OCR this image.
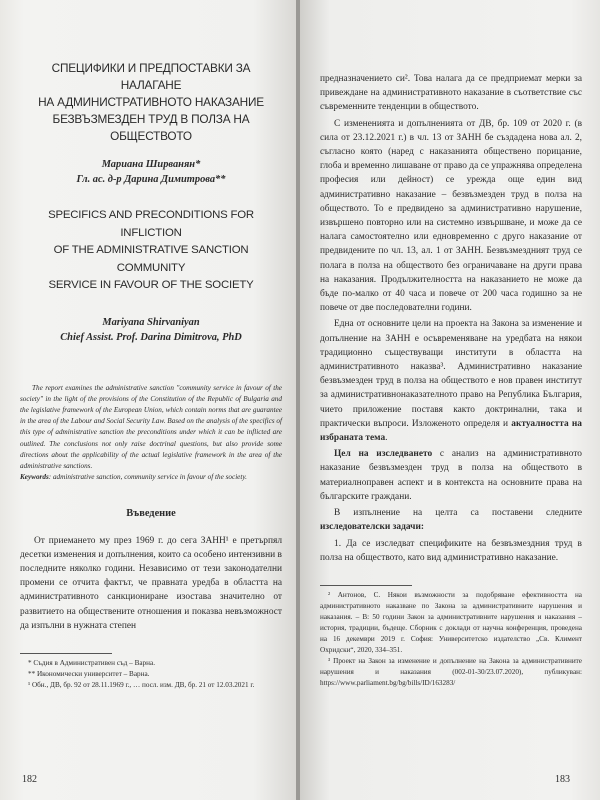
СПЕЦИФИКИ И ПРЕДПОСТАВКИ ЗА НАЛАГАНЕ
НА АДМИНИСТРАТИВНОТО НАКАЗАНИЕ
БЕЗВЪЗМЕЗДЕН ТРУД В ПОЛЗА НА ОБЩЕСТВОТО
Мариана Ширванян*
Гл. ас. д-р Дарина Димитрова**
SPECIFICS AND PRECONDITIONS FOR INFLICTION
OF THE ADMINISTRATIVE SANCTION COMMUNITY
SERVICE IN FAVOUR OF THE SOCIETY
Mariyana Shirvaniyan
Chief Assist. Prof. Darina Dimitrova, PhD

The report examines the administrative sanction "community service in favour of the society" in the light of the provisions of the Constitution of the Republic of Bulgaria and the legislative framework of the European Union, which contain norms that are guarantee in the area of the Labour and Social Security Law. Based on the analysis of the specifics of this type of administrative sanction the preconditions under which it can be inflicted are outlined. The conclusions not only raise doctrinal questions, but also provide some directions about the applicability of the actual legislative framework in the area of the administrative sanctions.

Keywords: administrative sanction, community service in favour of the society.

Въведение

От приемането му през 1969 г. до сега ЗАНН¹ е претърпял десетки изменения и допълнения, които са особено интензивни в последните няколко години. Независимо от тези законодателни промени се отчита фактът, че правната уредба в областта на административното санкциониране изостава значително от развитието на обществените отношения и показва невъзможност да изпълни в нужната степен

* Съдия в Административен съд – Варна.

** Икономически университет – Варна.

¹ Обн., ДВ, бр. 92 от 28.11.1969 г., … посл. изм. ДВ, бр. 21 от 12.03.2021 г.

182

предназначението си². Това налага да се предприемат мерки за привеждане на административното наказание в съответствие със съвременните тенденции в обществото.

С измененията и допълненията от ДВ, бр. 109 от 2020 г. (в сила от 23.12.2021 г.) в чл. 13 от ЗАНН бе създадена нова ал. 2, съгласно която (наред с наказанията обществено порицание, глоба и временно лишаване от право да се упражнява определена професия или дейност) се урежда още един вид административно наказание – безвъзмезден труд в полза на обществото. То е предвидено за административно нарушение, извършено повторно или на системно извършване, и може да се налага самостоятелно или едновременно с друго наказание от предвидените по чл. 13, ал. 1 от ЗАНН. Безвъзмездният труд се полага в полза на обществото без ограничаване на други права на наказания. Продължителността на наказанието не може да бъде по-малко от 40 часа и повече от 200 часа годишно за не повече от две последователни години.

Една от основните цели на проекта на Закона за изменение и допълнение на ЗАНН е осъвременяване на уредбата на някои традиционно съществуващи институти в областта на административното наказва³. Административно наказание безвъзмезден труд в полза на обществото е нов правен институт за административнонаказателното право на Република България, чието приложение поставя както доктринални, така и практически въпроси. Изложеното определя и актуалността на избраната тема.

Цел на изследването с анализ на административното наказание безвъзмезден труд в полза на обществото в материалноправен аспект и в контекста на основните права на българските граждани.

В изпълнение на целта са поставени следните изследователски задачи:

1. Да се изследват спецификите на безвъзмездния труд в полза на обществото, като вид административно наказание.

² Антонов, С. Някои възможности за подобряване ефективността на административното наказване по Закона за административните нарушения и наказания. – В: 50 години Закон за административните нарушения и наказания – история, традиции, бъдеще. Сборник с доклади от научна конференция, проведена на 16 декември 2019 г. София: Университетско издателство „Св. Климент Охридски“, 2020, 334–351.

³ Проект на Закон за изменение и допълнение на Закона за административните нарушения и наказания (002-01-30/23.07.2020), публикуван: https://www.parliament.bg/bg/bills/ID/163283/

183
